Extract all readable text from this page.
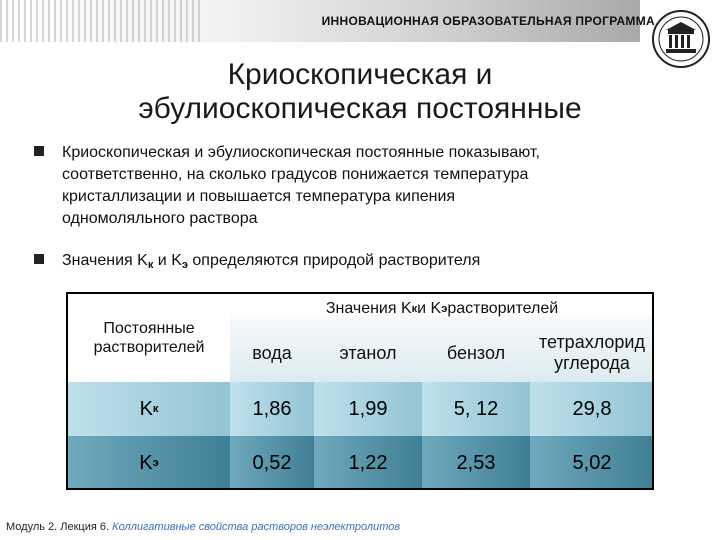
ИННОВАЦИОННАЯ ОБРАЗОВАТЕЛЬНАЯ ПРОГРАММА
Криоскопическая и
эбулиоскопическая постоянные
Криоскопическая и эбулиоскопическая постоянные показывают,
соответственно, на сколько градусов понижается температура
кристаллизации и повышается температура кипения
одномоляльного раствора
Значения $K_к$ и $K_э$ определяются природой растворителя
Постоянные
растворителей
Значения K к и K э растворителей
вода	этанол	бензол
тетрахлорид
углерода
K к	1,86	1,99	5, 12	29,8
K э	0,52	1,22	2,53	5,02
Модуль 2. Лекция 6. Коллигативные свойства растворов неэлектролитов
